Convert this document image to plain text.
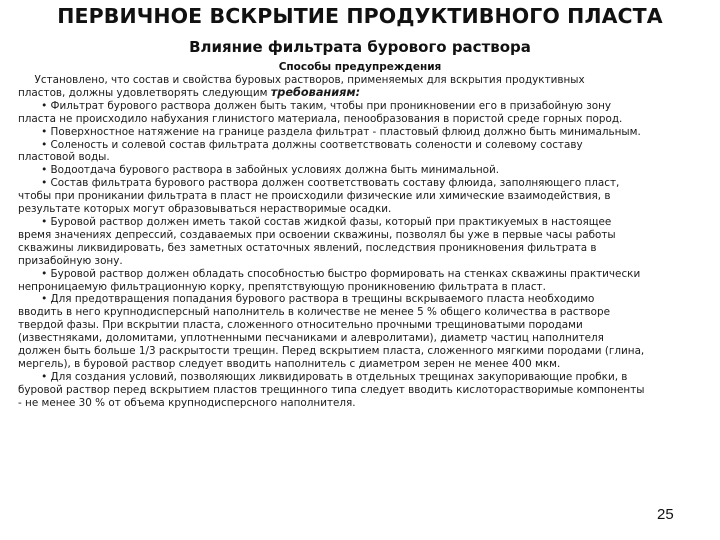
ПЕРВИЧНОЕ ВСКРЫТИЕ ПРОДУКТИВНОГО ПЛАСТА
Влияние фильтрата бурового раствора
Способы предупреждения
Установлено, что состав и свойства буровых растворов, применяемых для вскрытия продуктивных
пластов, должны удовлетворять следующим требованиям:
• Фильтрат бурового раствора должен быть таким, чтобы при проникновении его в призабойную зону
пласта не происходило набухания глинистого материала, пенообразования в пористой среде горных пород.
• Поверхностное натяжение на границе раздела фильтрат - пластовый флюид должно быть минимальным.
• Соленость и солевой состав фильтрата должны соответствовать солености и солевому составу
пластовой воды.
• Водоотдача бурового раствора в забойных условиях должна быть минимальной.
• Состав фильтрата бурового раствора должен соответствовать составу флюида, заполняющего пласт,
чтобы при проникании фильтрата в пласт не происходили физические или химические взаимодействия, в
результате которых могут образовываться нерастворимые осадки.
• Буровой раствор должен иметь такой состав жидкой фазы, который при практикуемых в настоящее
время значениях депрессий, создаваемых при освоении скважины, позволял бы уже в первые часы работы
скважины ликвидировать, без заметных остаточных явлений, последствия проникновения фильтрата в
призабойную зону.
• Буровой раствор должен обладать способностью быстро формировать на стенках скважины практически
непроницаемую фильтрационную корку, препятствующую проникновению фильтрата в пласт.
• Для предотвращения попадания бурового раствора в трещины вскрываемого пласта необходимо
вводить в него крупнодисперсный наполнитель в количестве не менее 5 % общего количества в растворе
твердой фазы. При вскрытии пласта, сложенного относительно прочными трещиноватыми породами
(известняками, доломитами, уплотненными песчаниками и алевролитами), диаметр частиц наполнителя
должен быть больше 1/3 раскрытости трещин. Перед вскрытием пласта, сложенного мягкими породами (глина,
мергель), в буровой раствор следует вводить наполнитель с диаметром зерен не менее 400 мкм.
• Для создания условий, позволяющих ликвидировать в отдельных трещинах закупоривающие пробки, в
буровой раствор перед вскрытием пластов трещинного типа следует вводить кислоторастворимые компоненты
- не менее 30 % от объема крупнодисперсного наполнителя.
25
